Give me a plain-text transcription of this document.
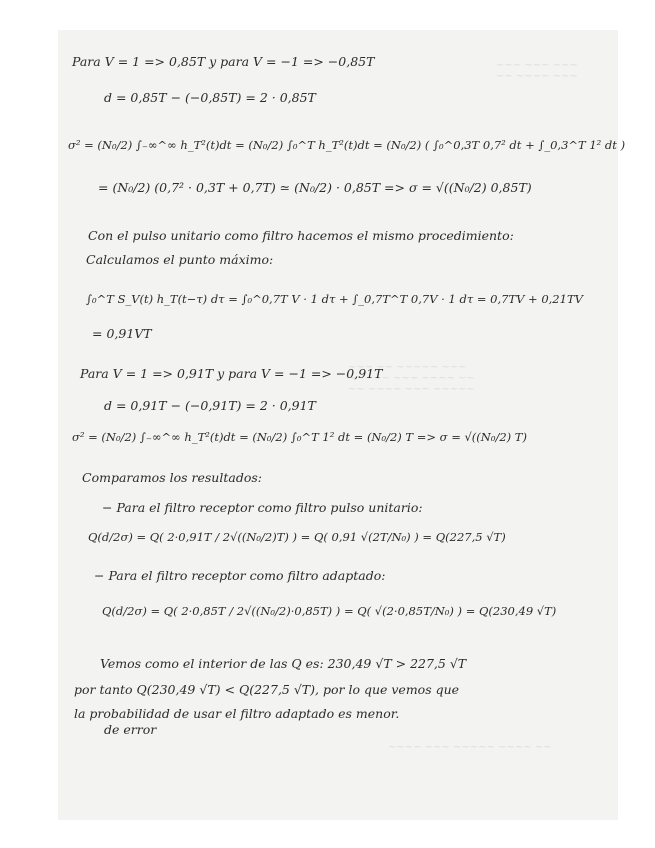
~~~ ~~~ ~~~
~~ ~~~~ ~~~
~~~ ~~ ~~~~~ ~~~
~~~~~ ~~~ ~~~~ ~~
~~ ~~~~ ~~~ ~~~~~
~~~~ ~~~ ~~~~~ ~~~~ ~~
Para V = 1 => 0,85T y para V = −1 => −0,85T
d = 0,85T − (−0,85T) = 2 · 0,85T
σ² = (N₀/2) ∫₋∞^∞ h_T²(t)dt = (N₀/2) ∫₀^T h_T²(t)dt = (N₀/2) ( ∫₀^0,3T 0,7² dt + ∫_0,3^T 1² dt )
= (N₀/2) (0,7² · 0,3T + 0,7T) ≃ (N₀/2) · 0,85T => σ = √((N₀/2) 0,85T)
Con el pulso unitario como filtro hacemos el mismo procedimiento:
Calculamos el punto máximo:
∫₀^T S_V(t) h_T(t−τ) dτ = ∫₀^0,7T V · 1 dτ + ∫_0,7T^T 0,7V · 1 dτ = 0,7TV + 0,21TV
= 0,91VT
Para V = 1 => 0,91T y para V = −1 => −0,91T
d = 0,91T − (−0,91T) = 2 · 0,91T
σ² = (N₀/2) ∫₋∞^∞ h_T²(t)dt = (N₀/2) ∫₀^T 1² dt = (N₀/2) T => σ = √((N₀/2) T)
Comparamos los resultados:
− Para el filtro receptor como filtro pulso unitario:
Q(d/2σ) = Q( 2·0,91T / 2√((N₀/2)T) ) = Q( 0,91 √(2T/N₀) ) = Q(227,5 √T)
− Para el filtro receptor como filtro adaptado:
Q(d/2σ) = Q( 2·0,85T / 2√((N₀/2)·0,85T) ) = Q( √(2·0,85T/N₀) ) = Q(230,49 √T)
Vemos como el interior de las Q es: 230,49 √T > 227,5 √T
por tanto Q(230,49 √T) < Q(227,5 √T), por lo que vemos que
la probabilidad de usar el filtro adaptado es menor.
de error
